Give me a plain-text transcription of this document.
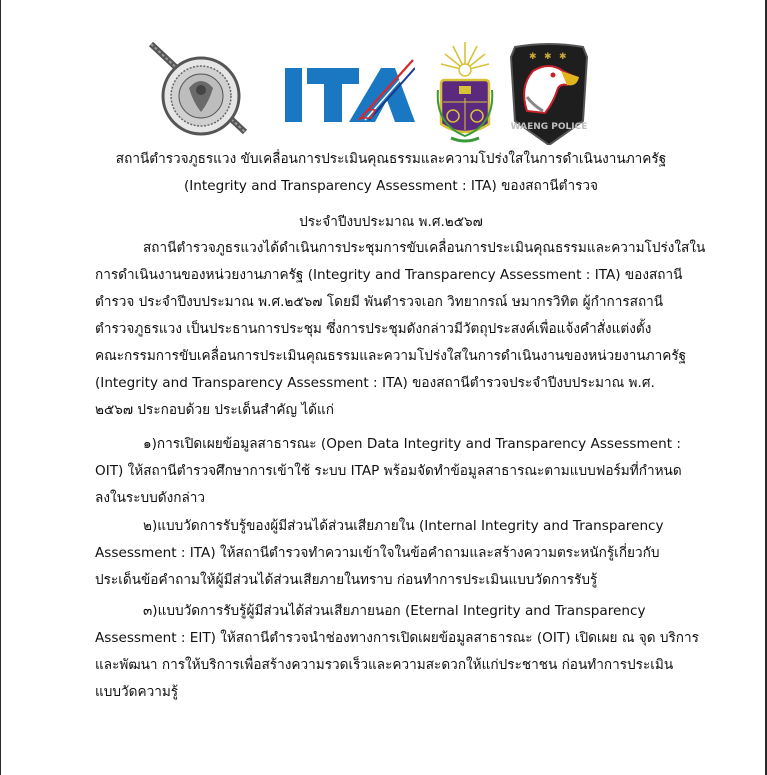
✱ ✱ ✱
WAENG POLICE
สถานีตำรวจภูธรแวง ขับเคลื่อนการประเมินคุณธรรมและความโปร่งใสในการดำเนินงานภาครัฐ
(Integrity and Transparency Assessment : ITA) ของสถานีตำรวจ
ประจำปีงบประมาณ พ.ศ.๒๕๖๗
สถานีตำรวจภูธรแวงได้ดำเนินการประชุมการขับเคลื่อนการประเมินคุณธรรมและความโปร่งใสใน
การดำเนินงานของหน่วยงานภาครัฐ (Integrity and Transparency Assessment : ITA) ของสถานี
ตำรวจ ประจำปีงบประมาณ พ.ศ.๒๕๖๗ โดยมี พันตำรวจเอก วิทยากรณ์ ษมากรวิทิต ผู้กำการสถานี
ตำรวจภูธรแวง เป็นประธานการประชุม ซึ่งการประชุมดังกล่าวมีวัตถุประสงค์เพื่อแจ้งคำสั่งแต่งตั้ง
คณะกรรมการขับเคลื่อนการประเมินคุณธรรมและความโปร่งใสในการดำเนินงานของหน่วยงานภาครัฐ
(Integrity and Transparency Assessment : ITA) ของสถานีตำรวจประจำปีงบประมาณ พ.ศ.
๒๕๖๗ ประกอบด้วย ประเด็นสำคัญ ได้แก่
๑)การเปิดเผยข้อมูลสาธารณะ (Open Data Integrity and Transparency Assessment :
OIT) ให้สถานีตำรวจศึกษาการเข้าใช้ ระบบ ITAP พร้อมจัดทำข้อมูลสาธารณะตามแบบฟอร์มที่กำหนด
ลงในระบบดังกล่าว
๒)แบบวัดการรับรู้ของผู้มีส่วนได้ส่วนเสียภายใน (Internal Integrity and Transparency
Assessment : ITA) ให้สถานีตำรวจทำความเข้าใจในข้อคำถามและสร้างความตระหนักรู้เกี่ยวกับ
ประเด็นข้อคำถามให้ผู้มีส่วนได้ส่วนเสียภายในทราบ ก่อนทำการประเมินแบบวัดการรับรู้
๓)แบบวัดการรับรู้ผู้มีส่วนได้ส่วนเสียภายนอก (Eternal Integrity and Transparency
Assessment : EIT) ให้สถานีตำรวจนำช่องทางการเปิดเผยข้อมูลสาธารณะ (OIT) เปิดเผย ณ จุด บริการ
และพัฒนา การให้บริการเพื่อสร้างความรวดเร็วและความสะดวกให้แก่ประชาชน ก่อนทำการประเมิน
แบบวัดความรู้
